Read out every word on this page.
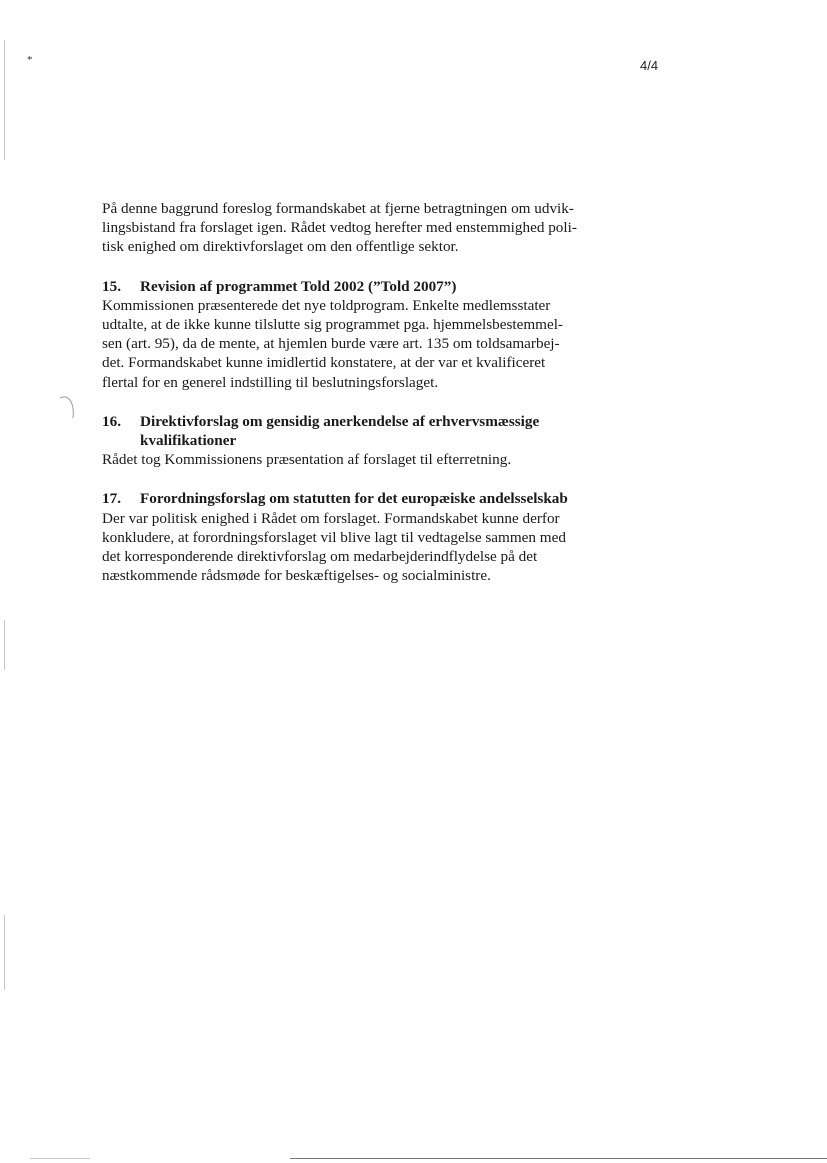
*	4/4

På denne baggrund foreslog formandskabet at fjerne betragtningen om udvik-
lingsbistand fra forslaget igen. Rådet vedtog herefter med enstemmighed poli-
tisk enighed om direktivforslaget om den offentlige sektor.

15.	Revision af programmet Told 2002 (”Told 2007”)

Kommissionen præsenterede det nye toldprogram. Enkelte medlemsstater
udtalte, at de ikke kunne tilslutte sig programmet pga. hjemmelsbestemmel-
sen (art. 95), da de mente, at hjemlen burde være art. 135 om toldsamarbej-
det. Formandskabet kunne imidlertid konstatere, at der var et kvalificeret
flertal for en generel indstilling til beslutningsforslaget.

16.	Direktivforslag om gensidig anerkendelse af erhvervsmæssige
kvalifikationer

Rådet tog Kommissionens præsentation af forslaget til efterretning.

17.	Forordningsforslag om statutten for det europæiske andelsselskab

Der var politisk enighed i Rådet om forslaget. Formandskabet kunne derfor
konkludere, at forordningsforslaget vil blive lagt til vedtagelse sammen med
det korresponderende direktivforslag om medarbejderindflydelse på det
næstkommende rådsmøde for beskæftigelses- og socialministre.
